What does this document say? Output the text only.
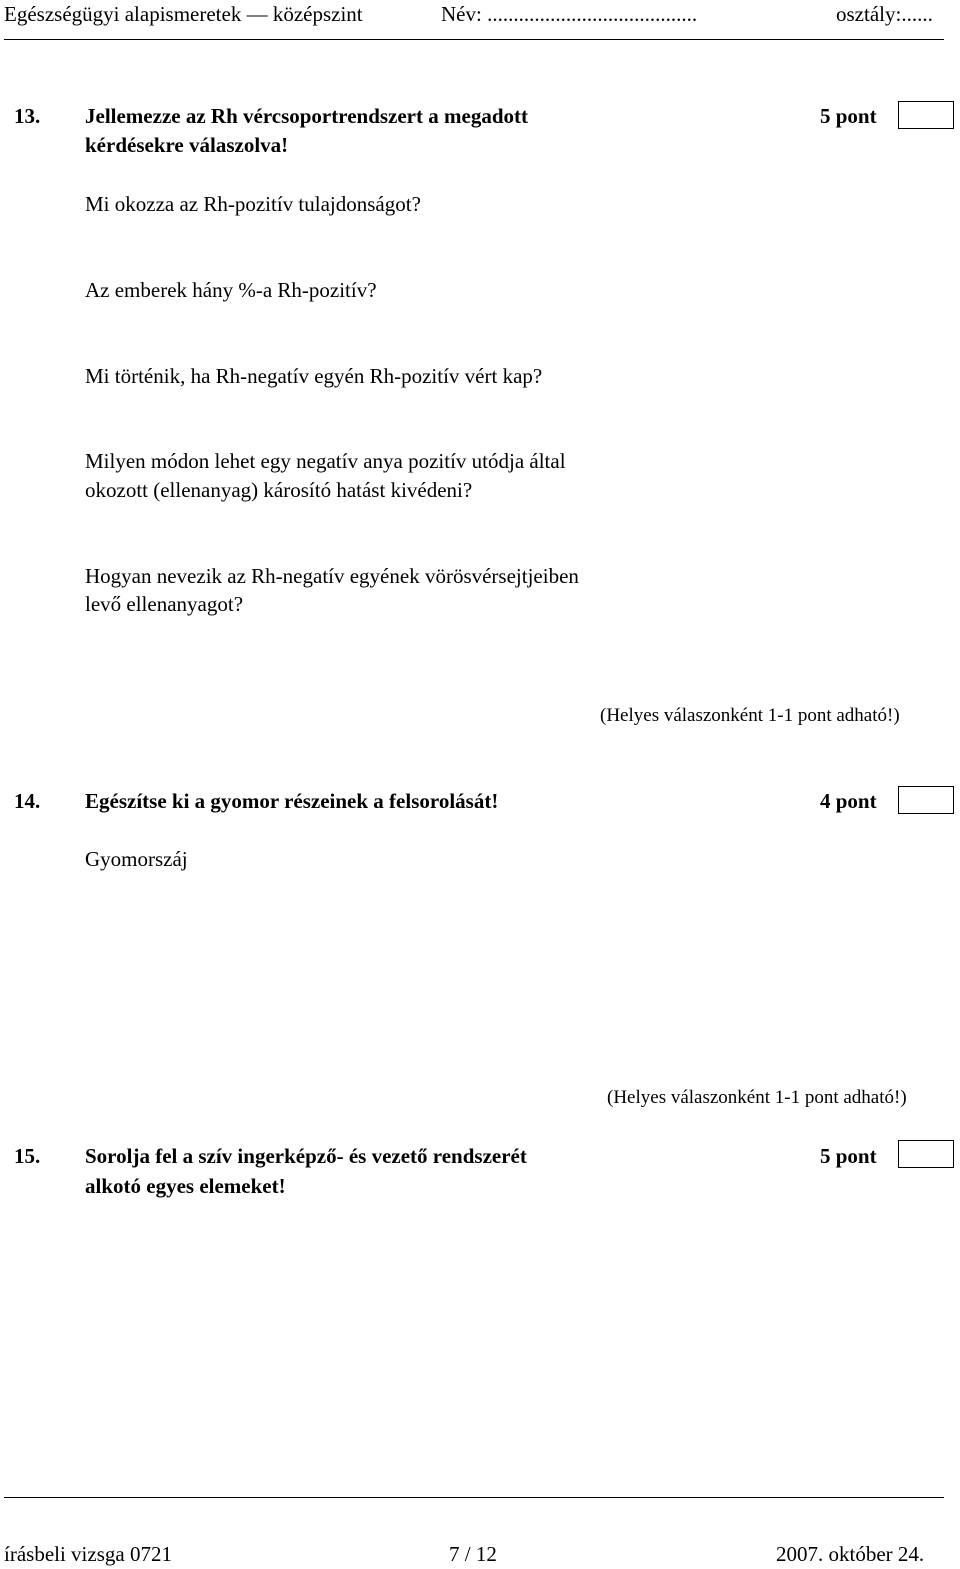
Egészségügyi alapismeretek — középszint	Név: ........................................	osztály:......
13. Jellemezze az Rh vércsoportrendszert a megadott
kérdésekre válaszolva!
5 pont
Mi okozza az Rh-pozitív tulajdonságot?
Az emberek hány %-a Rh-pozitív?
Mi történik, ha Rh-negatív egyén Rh-pozitív vért kap?
Milyen módon lehet egy negatív anya pozitív utódja által
okozott (ellenanyag) károsító hatást kivédeni?
Hogyan nevezik az Rh-negatív egyének vörösvérsejtjeiben
levő ellenanyagot?
(Helyes válaszonként 1-1 pont adható!)
14. Egészítse ki a gyomor részeinek a felsorolását!	4 pont
Gyomorszáj
(Helyes válaszonként 1-1 pont adható!)
15. Sorolja fel a szív ingerképző- és vezető rendszerét
alkotó egyes elemeket!
5 pont
írásbeli vizsga 0721	7 / 12	2007. október 24.
